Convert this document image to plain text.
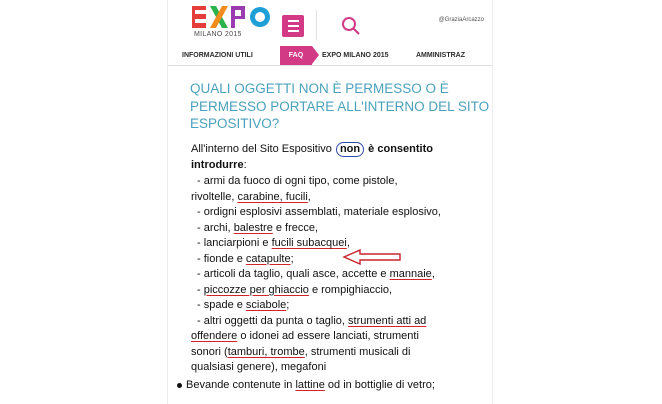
MILANO 2015
@GraziaArcazzo
INFORMAZIONI UTILI	FAQ	EXPO MILANO 2015	AMMINISTRAZ
QUALI OGGETTI NON È PERMESSO O È PERMESSO PORTARE ALL'INTERNO DEL SITO ESPOSITIVO?
All'interno del Sito Espositivo non è consentito
introdurre:
- armi da fuoco di ogni tipo, come pistole,
rivoltelle, carabine, fucili,
- ordigni esplosivi assemblati, materiale esplosivo,
- archi, balestre e frecce,
- lanciarpioni e fucili subacquei,
- fionde e catapulte;
- articoli da taglio, quali asce, accette e mannaie,
- piccozze per ghiaccio e rompighiaccio,
- spade e sciabole;
- altri oggetti da punta o taglio, strumenti atti ad
offendere o idonei ad essere lanciati, strumenti
sonori (tamburi, trombe, strumenti musicali di
qualsiasi genere), megafoni
Bevande contenute in lattine od in bottiglie di vetro;
